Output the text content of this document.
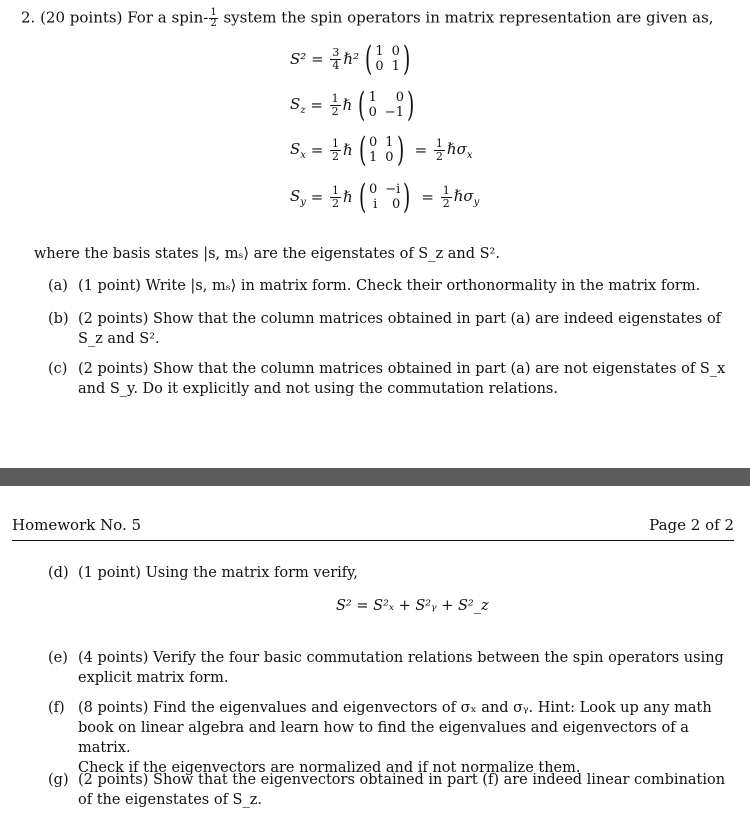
2. (20 points) For a spin- $\frac{1}{2}$ system the spin operators in matrix representation are given as,
S² = 3
4 ℏ² ( 1 0
0 1 )
$S_z = 1$
2 ℏ ( 1	0
0 −1 )
$S_x = 1$
2 ℏ ( 0 1
1 0 ) = 1
2 ℏσ$_x$
$S_y = 1$
2 ℏ ( 0 −i
i	0 ) = 1
2 ℏσ$_y$
where the basis states |s, mₛ⟩ are the eigenstates of S_z and S².
(a) (1 point) Write |s, mₛ⟩ in matrix form. Check their orthonormality in the matrix form.
(b) (2 points) Show that the column matrices obtained in part (a) are indeed eigenstates of
S_z and S².
(c) (2 points) Show that the column matrices obtained in part (a) are not eigenstates of S_x
and S_y. Do it explicitly and not using the commutation relations.
Homework No. 5	Page 2 of 2
(d) (1 point) Using the matrix form verify,
S² = S²ₓ + S²ᵧ + S²_z
(e) (4 points) Verify the four basic commutation relations between the spin operators using
explicit matrix form.
(f) (8 points) Find the eigenvalues and eigenvectors of σₓ and σᵧ. Hint: Look up any math
book on linear algebra and learn how to find the eigenvalues and eigenvectors of a matrix.
Check if the eigenvectors are normalized and if not normalize them.
(g) (2 points) Show that the eigenvectors obtained in part (f) are indeed linear combination
of the eigenstates of S_z.
